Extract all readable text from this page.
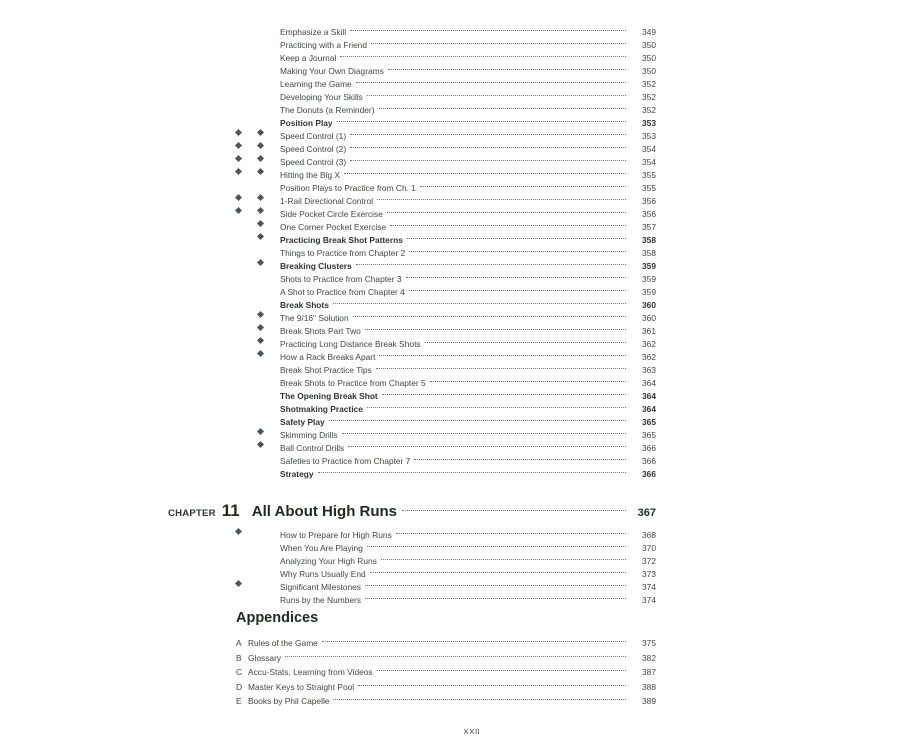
Emphasize a Skill	349
Practicing with a Friend	350
Keep a Journal	350
Making Your Own Diagrams	350
Learning the Game	352
Developing Your Skills	352
The Donuts (a Reminder)	352
Position Play	353
Speed Control (1)	353
Speed Control (2)	354
Speed Control (3)	354
Hitting the Big X	355
Position Plays to Practice from Ch. 1	355
1-Rail Directional Control	356
Side Pocket Circle Exercise	356
One Corner Pocket Exercise	357
Practicing Break Shot Patterns	358
Things to Practice from Chapter 2	358
Breaking Clusters	359
Shots to Practice from Chapter 3	359
A Shot to Practice from Chapter 4	359
Break Shots	360
The 9/16" Solution	360
Break Shots Part Two	361
Practicing Long Distance Break Shots	362
How a Rack Breaks Apart	362
Break Shot Practice Tips	363
Break Shots to Practice from Chapter 5	364
The Opening Break Shot	364
Shotmaking Practice	364
Safety Play	365
Skimming Drills	365
Ball Control Drills	366
Safeties to Practice from Chapter 7	366
Strategy	366
CHAPTER 11 All About High Runs	367
How to Prepare for High Runs	368
When You Are Playing	370
Analyzing Your High Runs	372
Why Runs Usually End	373
Significant Milestones	374
Runs by the Numbers	374
Appendices
A Rules of the Game	375
B Glossary	382
C Accu-Stats, Learning from Videos	387
D Master Keys to Straight Pool	388
E Books by Phil Capelle	389
XXII
